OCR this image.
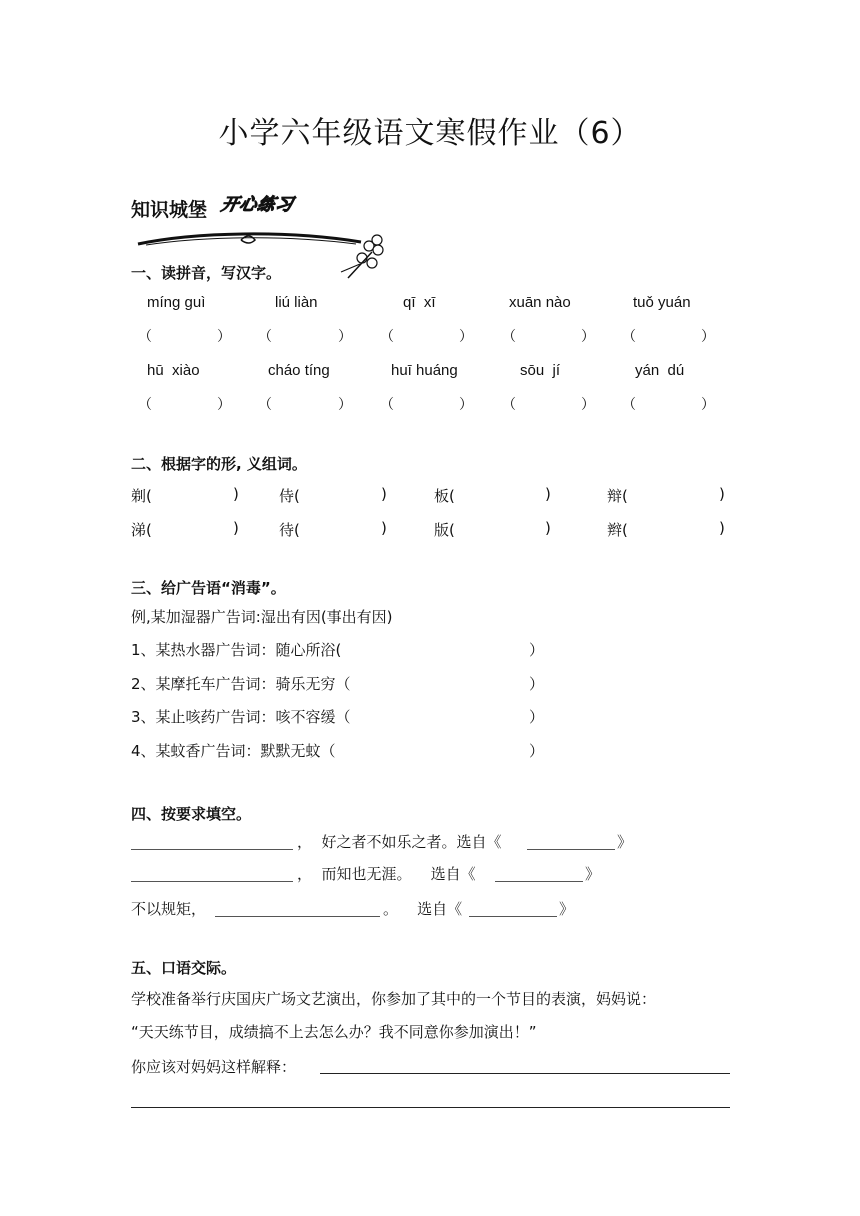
小学六年级语文寒假作业（6）
知识城堡 开心练习
一、读拼音，写汉字。
míng guì	liú liàn	qī  xī	xuān nào	tuǒ yuán
（	） （	） （	） （	） （	）
hū  xiào	cháo tíng	huī huáng	sōu  jí	yán  dú
（	） （	） （	） （	） （	）
二、根据字的形, 义组词。
剃(	)	侍(	)	板(	)	辩(	)
涕(	)	待(	)	版(	)	辫(	)
三、给广告语“消毒”。
例,某加湿器广告词:湿出有因(事出有因)
1、某热水器广告词：随心所浴(	）
2、某摩托车广告词：骑乐无穷（	）
3、某止咳药广告词：咳不容缓（	）
4、某蚊香广告词：默默无蚊（	）
四、按要求填空。
，  好之者不如乐之者。选自《	》
，  而知也无涯。    选自《	》
不以规矩，	。    选自《	》
五、口语交际。
学校准备举行庆国庆广场文艺演出，你参加了其中的一个节目的表演，妈妈说：
“天天练节目，成绩搞不上去怎么办？我不同意你参加演出！”
你应该对妈妈这样解释：
